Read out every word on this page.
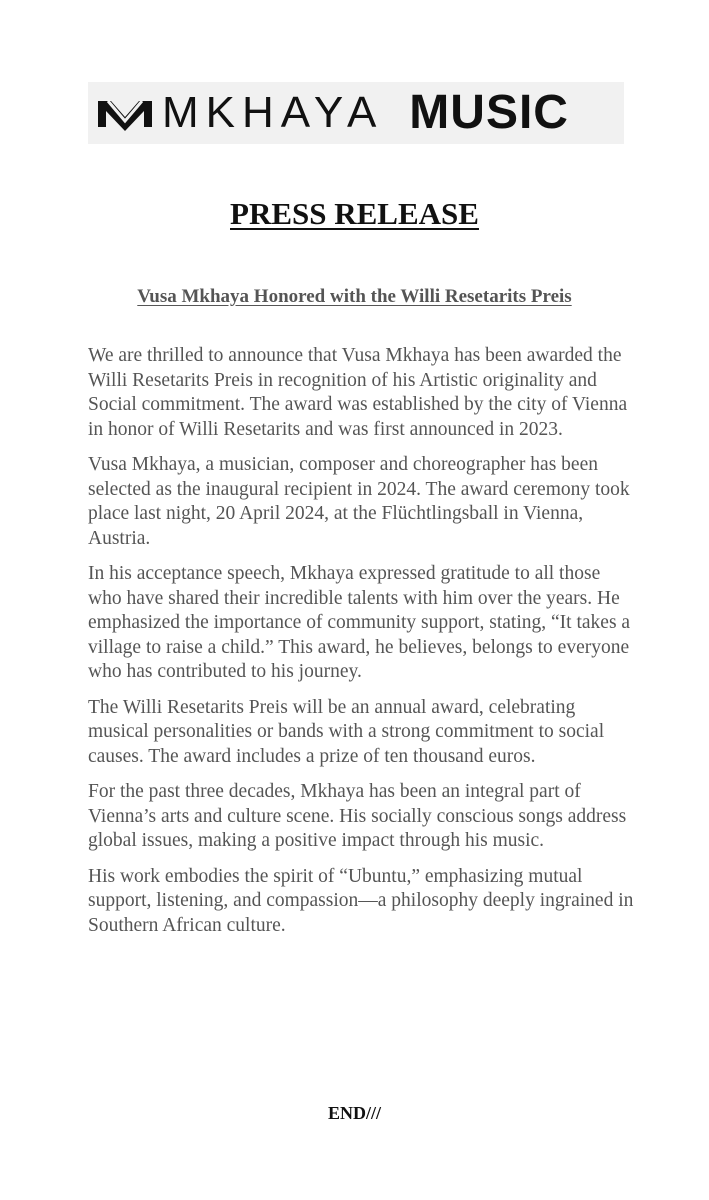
MKHAYA MUSIC
PRESS RELEASE
Vusa Mkhaya Honored with the Willi Resetarits Preis

We are thrilled to announce that Vusa Mkhaya has been awarded the Willi Resetarits Preis in recognition of his Artistic originality and Social commitment. The award was established by the city of Vienna in honor of Willi Resetarits and was first announced in 2023.

Vusa Mkhaya, a musician, composer and choreographer has been selected as the inaugural recipient in 2024. The award ceremony took place last night, 20 April 2024, at the Flüchtlingsball in Vienna, Austria.

In his acceptance speech, Mkhaya expressed gratitude to all those who have shared their incredible talents with him over the years. He emphasized the importance of community support, stating, “It takes a village to raise a child.” This award, he believes, belongs to everyone who has contributed to his journey.

The Willi Resetarits Preis will be an annual award, celebrating musical personalities or bands with a strong commitment to social causes. The award includes a prize of ten thousand euros.

For the past three decades, Mkhaya has been an integral part of Vienna’s arts and culture scene. His socially conscious songs address global issues, making a positive impact through his music.

His work embodies the spirit of “Ubuntu,” emphasizing mutual support, listening, and compassion—a philosophy deeply ingrained in Southern African culture.

END///
